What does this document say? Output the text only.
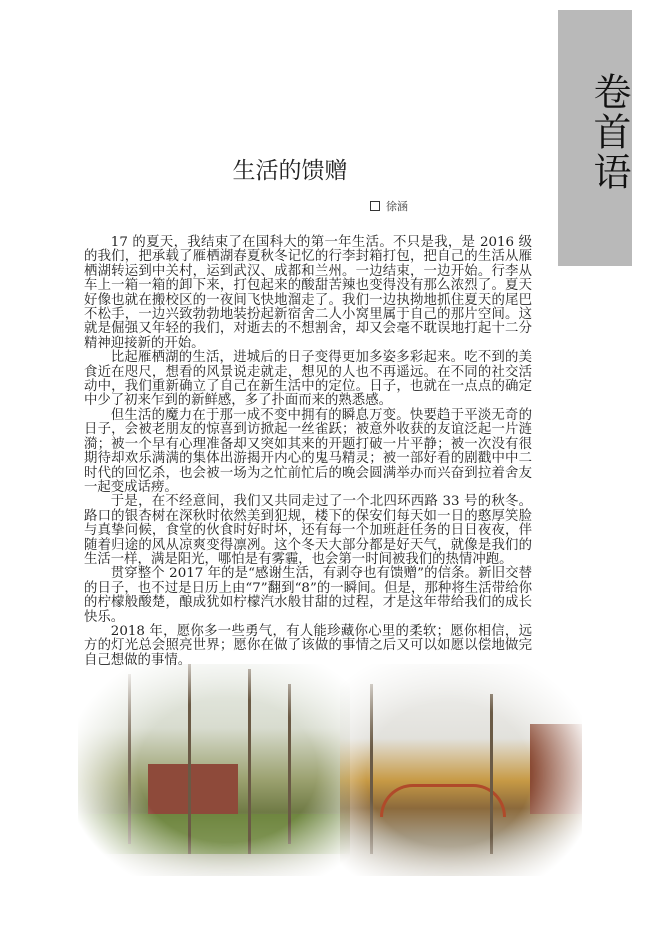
卷首语
生活的馈赠
徐涵

17 的夏天，我结束了在国科大的第一年生活。不只是我，是 2016 级的我们，把承载了雁栖湖春夏秋冬记忆的行李封箱打包，把自己的生活从雁栖湖转运到中关村，运到武汉、成都和兰州。一边结束，一边开始。行李从车上一箱一箱的卸下来，打包起来的酸甜苦辣也变得没有那么浓烈了。夏天好像也就在搬校区的一夜间飞快地溜走了。我们一边执拗地抓住夏天的尾巴不松手，一边兴致勃勃地装扮起新宿舍二人小窝里属于自己的那片空间。这就是倔强又年轻的我们，对逝去的不想割舍，却又会毫不耽误地打起十二分精神迎接新的开始。

比起雁栖湖的生活，进城后的日子变得更加多姿多彩起来。吃不到的美食近在咫尺，想看的风景说走就走，想见的人也不再遥远。在不同的社交活动中，我们重新确立了自己在新生活中的定位。日子，也就在一点点的确定中少了初来乍到的新鲜感，多了扑面而来的熟悉感。

但生活的魔力在于那一成不变中拥有的瞬息万变。快要趋于平淡无奇的日子，会被老朋友的惊喜到访掀起一丝雀跃；被意外收获的友谊泛起一片涟漪；被一个早有心理准备却又突如其来的开题打破一片平静；被一次没有很期待却欢乐满满的集体出游揭开内心的鬼马精灵；被一部好看的剧戳中中二时代的回忆杀，也会被一场为之忙前忙后的晚会圆满举办而兴奋到拉着舍友一起变成话痨。

于是，在不经意间，我们又共同走过了一个北四环西路 33 号的秋冬。路口的银杏树在深秋时依然美到犯规，楼下的保安们每天如一日的憨厚笑脸与真挚问候，食堂的伙食时好时坏，还有每一个加班赶任务的日日夜夜，伴随着归途的风从凉爽变得凛冽。这个冬天大部分都是好天气，就像是我们的生活一样，满是阳光，哪怕是有雾霾，也会第一时间被我们的热情冲跑。

贯穿整个 2017 年的是“感谢生活，有剥夺也有馈赠”的信条。新旧交替的日子，也不过是日历上由“7”翻到“8”的一瞬间。但是，那种将生活带给你的柠檬般酸楚，酿成犹如柠檬汽水般甘甜的过程，才是这年带给我们的成长快乐。

2018 年，愿你多一些勇气，有人能珍藏你心里的柔软；愿你相信，远方的灯光总会照亮世界；愿你在做了该做的事情之后又可以如愿以偿地做完自己想做的事情。
